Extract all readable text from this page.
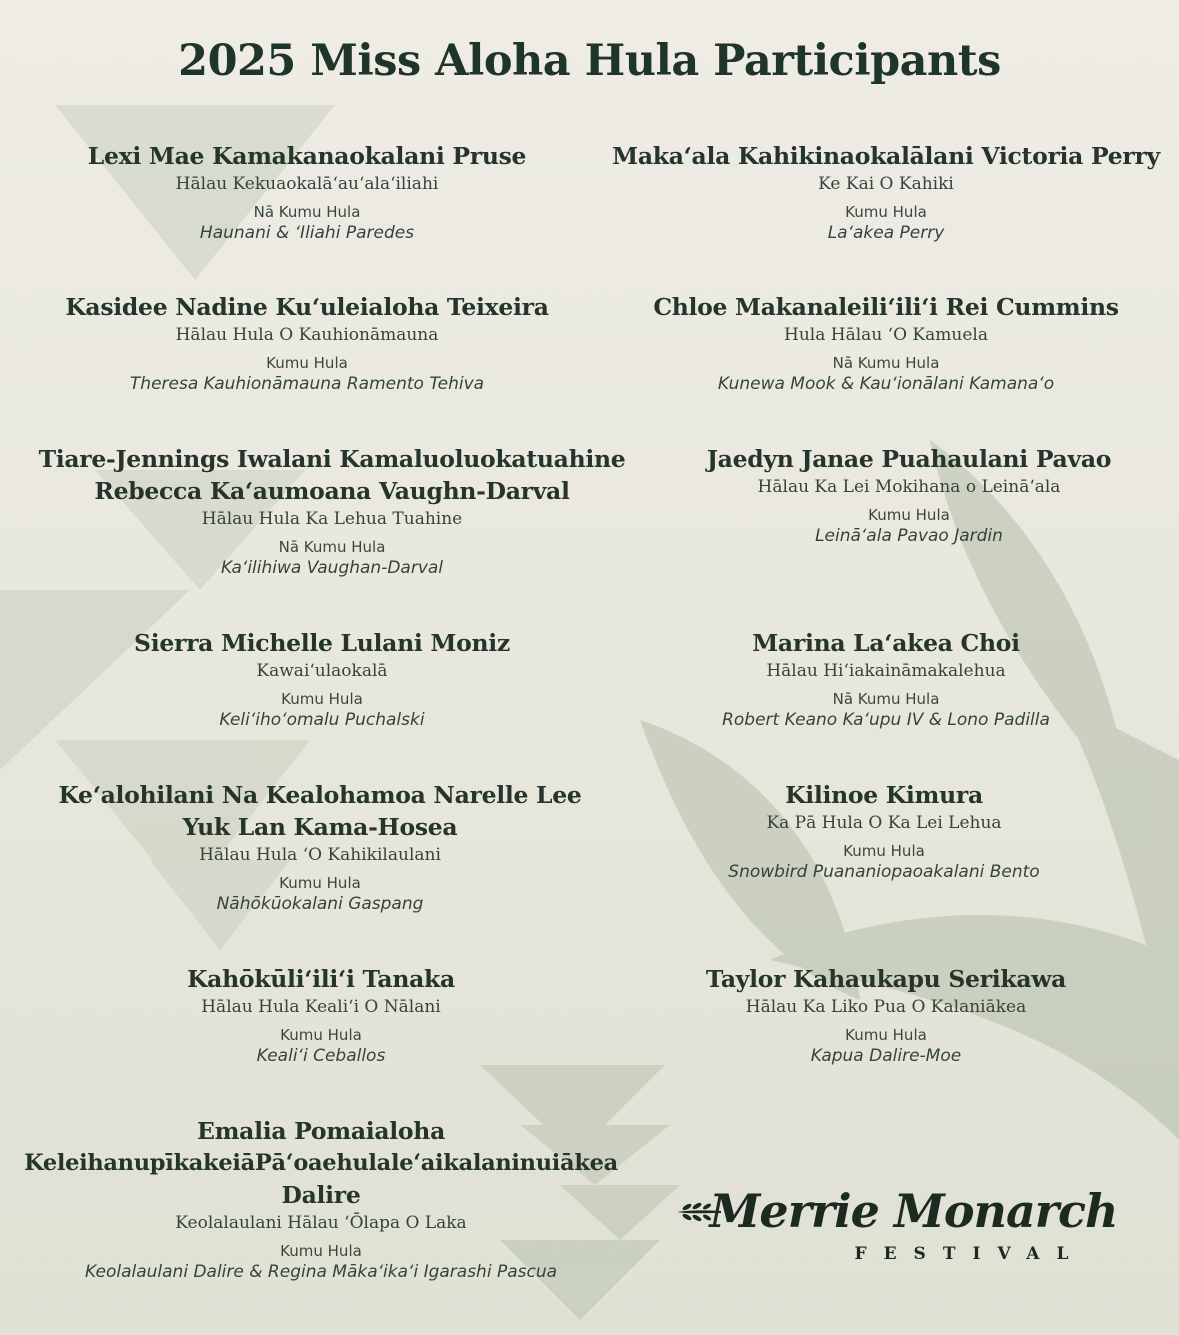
2025 Miss Aloha Hula Participants
Lexi Mae Kamakanaokalani Pruse
Hālau Kekuaokalāʻauʻalaʻiliahi
Nā Kumu Hula
Haunani & ʻIliahi Paredes
Kasidee Nadine Kuʻuleialoha Teixeira
Hālau Hula O Kauhionāmauna
Kumu Hula
Theresa Kauhionāmauna Ramento Tehiva
Tiare-Jennings Iwalani Kamaluoluokatuahine
Rebecca Kaʻaumoana Vaughn-Darval
Hālau Hula Ka Lehua Tuahine
Nā Kumu Hula
Kaʻilihiwa Vaughan-Darval
Sierra Michelle Lulani Moniz
Kawaiʻulaokalā
Kumu Hula
Keliʻihoʻomalu Puchalski
Keʻalohilani Na Kealohamoa Narelle Lee
Yuk Lan Kama-Hosea
Hālau Hula ʻO Kahikilaulani
Kumu Hula
Nāhōkūokalani Gaspang
Kahōkūliʻiliʻi Tanaka
Hālau Hula Kealiʻi O Nālani
Kumu Hula
Kealiʻi Ceballos
Emalia Pomaialoha
KeleihanupīkakeiāPāʻoaehulaleʻaikalaninuiākea
Dalire
Keolalaulani Hālau ʻŌlapa O Laka
Kumu Hula
Keolalaulani Dalire & Regina Mākaʻikaʻi Igarashi Pascua
Makaʻala Kahikinaokalālani Victoria Perry
Ke Kai O Kahiki
Kumu Hula
Laʻakea Perry
Chloe Makanaleiliʻiliʻi Rei Cummins
Hula Hālau ʻO Kamuela
Nā Kumu Hula
Kunewa Mook & Kauʻionālani Kamanaʻo
Jaedyn Janae Puahaulani Pavao
Hālau Ka Lei Mokihana o Leināʻala
Kumu Hula
Leināʻala Pavao Jardin
Marina Laʻakea Choi
Hālau Hiʻiakaināmakalehua
Nā Kumu Hula
Robert Keano Kaʻupu IV & Lono Padilla
Kilinoe Kimura
Ka Pā Hula O Ka Lei Lehua
Kumu Hula
Snowbird Puananiopaoakalani Bento
Taylor Kahaukapu Serikawa
Hālau Ka Liko Pua O Kalaniākea
Kumu Hula
Kapua Dalire-Moe
Merrie Monarch
FESTIVAL
